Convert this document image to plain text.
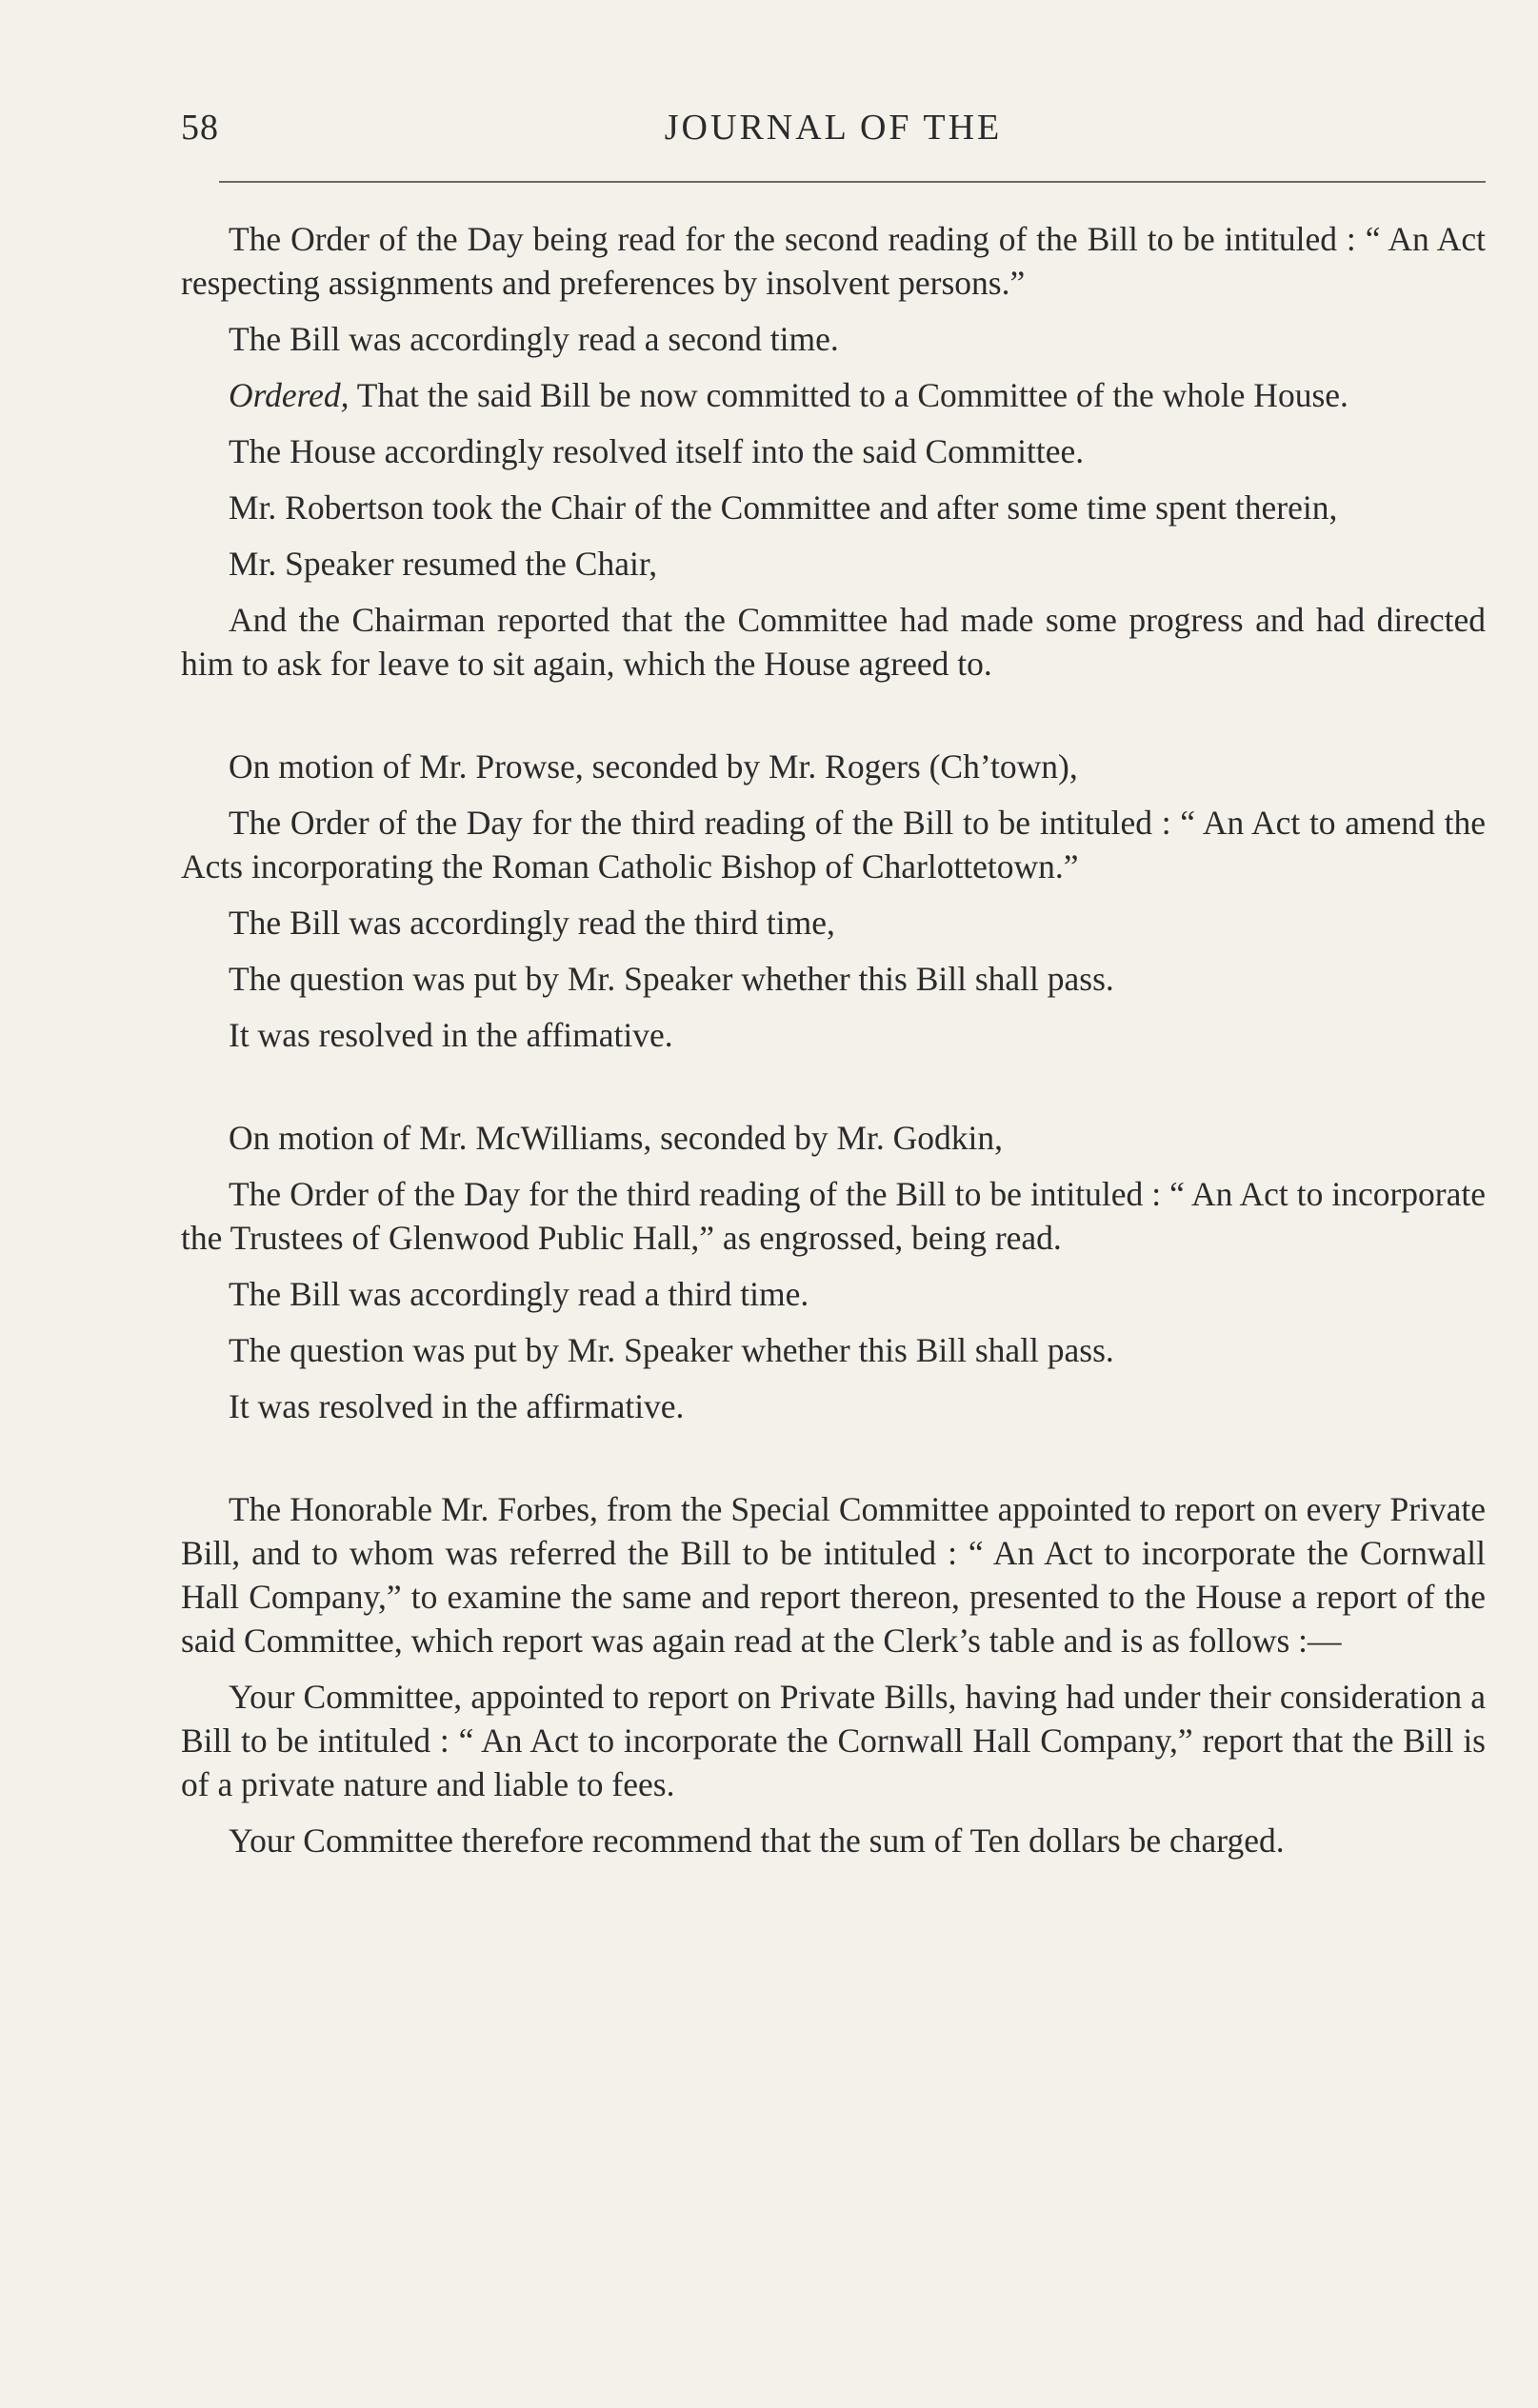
58	JOURNAL OF THE

The Order of the Day being read for the second reading of the Bill to be intituled : “ An Act respecting assignments and preferences by insolvent persons.”

The Bill was accordingly read a second time.

Ordered, That the said Bill be now committed to a Committee of the whole House.

The House accordingly resolved itself into the said Committee.

Mr. Robertson took the Chair of the Committee and after some time spent therein,

Mr. Speaker resumed the Chair,

And the Chairman reported that the Committee had made some progress and had directed him to ask for leave to sit again, which the House agreed to.

On motion of Mr. Prowse, seconded by Mr. Rogers (Ch’town),

The Order of the Day for the third reading of the Bill to be intituled : “ An Act to amend the Acts incorporating the Roman Catholic Bishop of Charlottetown.”

The Bill was accordingly read the third time,

The question was put by Mr. Speaker whether this Bill shall pass.

It was resolved in the affimative.

On motion of Mr. McWilliams, seconded by Mr. Godkin,

The Order of the Day for the third reading of the Bill to be intituled : “ An Act to incorporate the Trustees of Glenwood Public Hall,” as engrossed, being read.

The Bill was accordingly read a third time.

The question was put by Mr. Speaker whether this Bill shall pass.

It was resolved in the affirmative.

The Honorable Mr. Forbes, from the Special Committee appointed to report on every Private Bill, and to whom was referred the Bill to be intituled : “ An Act to incorporate the Cornwall Hall Company,” to examine the same and report thereon, presented to the House a report of the said Committee, which report was again read at the Clerk’s table and is as follows :—

Your Committee, appointed to report on Private Bills, having had under their consideration a Bill to be intituled : “ An Act to incorporate the Cornwall Hall Company,” report that the Bill is of a private nature and liable to fees.

Your Committee therefore recommend that the sum of Ten dollars be charged.
